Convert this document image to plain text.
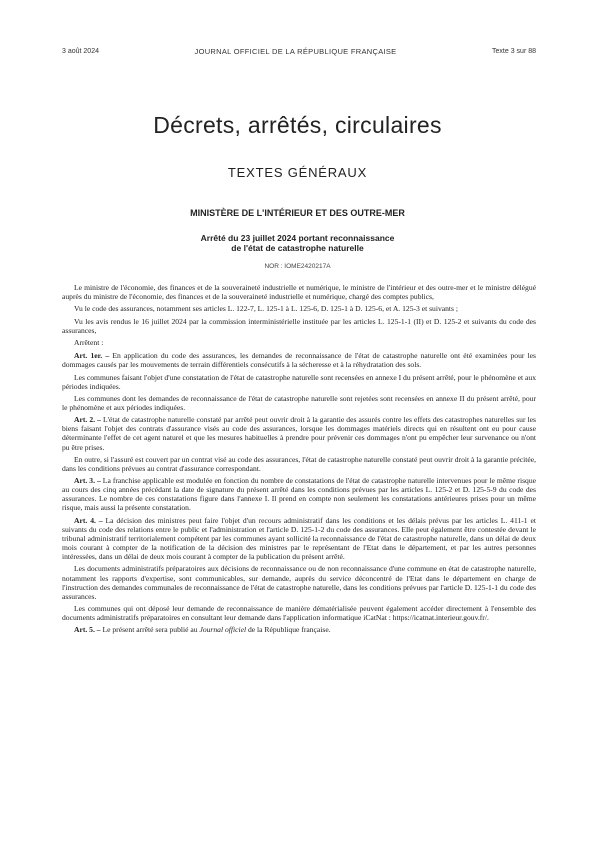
3 août 2024	JOURNAL OFFICIEL DE LA RÉPUBLIQUE FRANÇAISE	Texte 3 sur 88
Décrets, arrêtés, circulaires
TEXTES GÉNÉRAUX
MINISTÈRE DE L'INTÉRIEUR ET DES OUTRE-MER
Arrêté du 23 juillet 2024 portant reconnaissance
de l'état de catastrophe naturelle
NOR : IOME2420217A

Le ministre de l'économie, des finances et de la souveraineté industrielle et numérique, le ministre de l'intérieur et des outre-mer et le ministre délégué auprès du ministre de l'économie, des finances et de la souveraineté industrielle et numérique, chargé des comptes publics,

Vu le code des assurances, notamment ses articles L. 122-7, L. 125-1 à L. 125-6, D. 125-1 à D. 125-6, et A. 125-3 et suivants ;

Vu les avis rendus le 16 juillet 2024 par la commission interministérielle instituée par les articles L. 125-1-1 (II) et D. 125-2 et suivants du code des assurances,

Arrêtent :

Art. 1er. – En application du code des assurances, les demandes de reconnaissance de l'état de catastrophe naturelle ont été examinées pour les dommages causés par les mouvements de terrain différentiels consécutifs à la sécheresse et à la réhydratation des sols.

Les communes faisant l'objet d'une constatation de l'état de catastrophe naturelle sont recensées en annexe I du présent arrêté, pour le phénomène et aux périodes indiquées.

Les communes dont les demandes de reconnaissance de l'état de catastrophe naturelle sont rejetées sont recensées en annexe II du présent arrêté, pour le phénomène et aux périodes indiquées.

Art. 2. – L'état de catastrophe naturelle constaté par arrêté peut ouvrir droit à la garantie des assurés contre les effets des catastrophes naturelles sur les biens faisant l'objet des contrats d'assurance visés au code des assurances, lorsque les dommages matériels directs qui en résultent ont eu pour cause déterminante l'effet de cet agent naturel et que les mesures habituelles à prendre pour prévenir ces dommages n'ont pu empêcher leur survenance ou n'ont pu être prises.

En outre, si l'assuré est couvert par un contrat visé au code des assurances, l'état de catastrophe naturelle constaté peut ouvrir droit à la garantie précitée, dans les conditions prévues au contrat d'assurance correspondant.

Art. 3. – La franchise applicable est modulée en fonction du nombre de constatations de l'état de catastrophe naturelle intervenues pour le même risque au cours des cinq années précédant la date de signature du présent arrêté dans les conditions prévues par les articles L. 125-2 et D. 125-5-9 du code des assurances. Le nombre de ces constatations figure dans l'annexe I. Il prend en compte non seulement les constatations antérieures prises pour un même risque, mais aussi la présente constatation.

Art. 4. – La décision des ministres peut faire l'objet d'un recours administratif dans les conditions et les délais prévus par les articles L. 411-1 et suivants du code des relations entre le public et l'administration et l'article D. 125-1-2 du code des assurances. Elle peut également être contestée devant le tribunal administratif territorialement compétent par les communes ayant sollicité la reconnaissance de l'état de catastrophe naturelle, dans un délai de deux mois courant à compter de la notification de la décision des ministres par le représentant de l'Etat dans le département, et par les autres personnes intéressées, dans un délai de deux mois courant à compter de la publication du présent arrêté.

Les documents administratifs préparatoires aux décisions de reconnaissance ou de non reconnaissance d'une commune en état de catastrophe naturelle, notamment les rapports d'expertise, sont communicables, sur demande, auprès du service déconcentré de l'Etat dans le département en charge de l'instruction des demandes communales de reconnaissance de l'état de catastrophe naturelle, dans les conditions prévues par l'article D. 125-1-1 du code des assurances.

Les communes qui ont déposé leur demande de reconnaissance de manière dématérialisée peuvent également accéder directement à l'ensemble des documents administratifs préparatoires en consultant leur demande dans l'application informatique iCatNat : https://icatnat.interieur.gouv.fr/.

Art. 5. – Le présent arrêté sera publié au Journal officiel de la République française.
